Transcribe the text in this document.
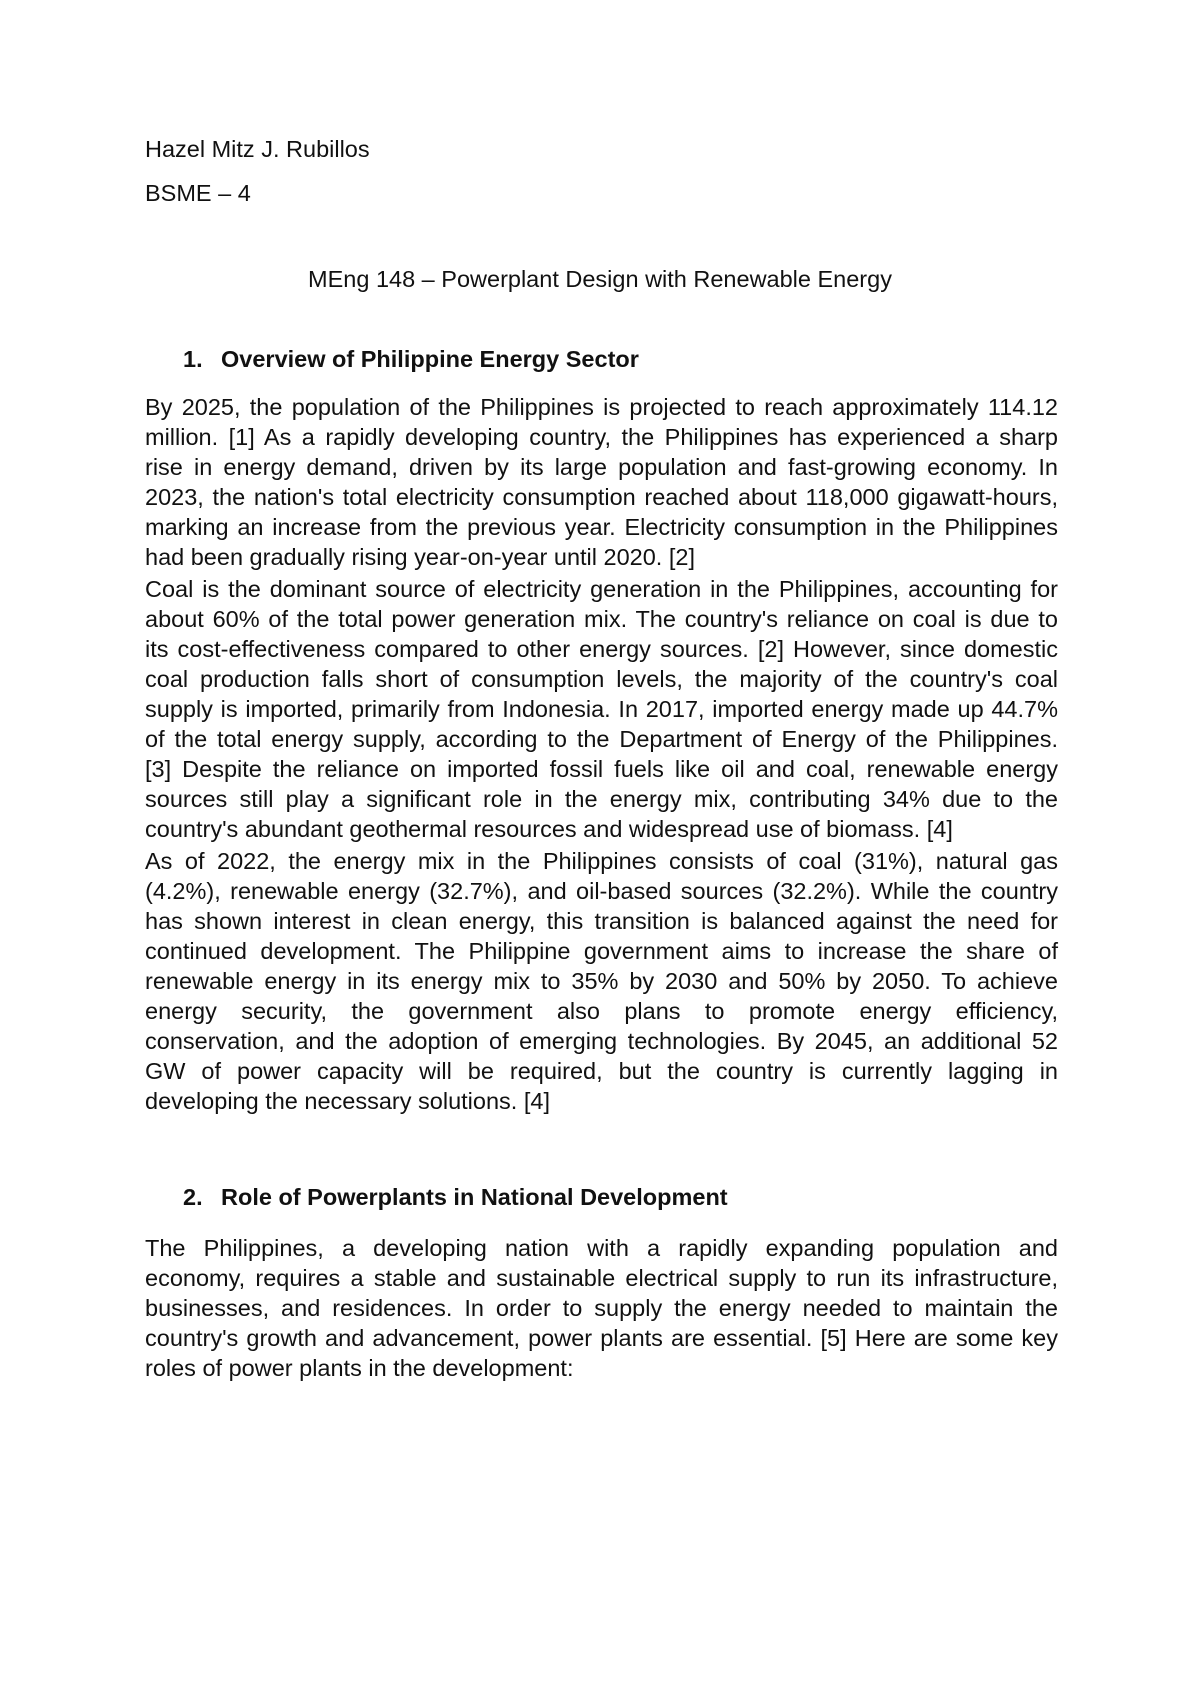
Hazel Mitz J. Rubillos

BSME – 4

MEng 148 – Powerplant Design with Renewable Energy

1. Overview of Philippine Energy Sector
By 2025, the population of the Philippines is projected to reach approximately 114.12
million. [1] As a rapidly developing country, the Philippines has experienced a sharp
rise in energy demand, driven by its large population and fast-growing economy. In
2023, the nation's total electricity consumption reached about 118,000 gigawatt-hours,
marking an increase from the previous year. Electricity consumption in the Philippines
had been gradually rising year-on-year until 2020. [2]
Coal is the dominant source of electricity generation in the Philippines, accounting for
about 60% of the total power generation mix. The country's reliance on coal is due to
its cost-effectiveness compared to other energy sources. [2] However, since domestic
coal production falls short of consumption levels, the majority of the country's coal
supply is imported, primarily from Indonesia. In 2017, imported energy made up 44.7%
of the total energy supply, according to the Department of Energy of the Philippines.
[3] Despite the reliance on imported fossil fuels like oil and coal, renewable energy
sources still play a significant role in the energy mix, contributing 34% due to the
country's abundant geothermal resources and widespread use of biomass. [4]
As of 2022, the energy mix in the Philippines consists of coal (31%), natural gas
(4.2%), renewable energy (32.7%), and oil-based sources (32.2%). While the country
has shown interest in clean energy, this transition is balanced against the need for
continued development. The Philippine government aims to increase the share of
renewable energy in its energy mix to 35% by 2030 and 50% by 2050. To achieve
energy security, the government also plans to promote energy efficiency,
conservation, and the adoption of emerging technologies. By 2045, an additional 52
GW of power capacity will be required, but the country is currently lagging in
developing the necessary solutions. [4]
2. Role of Powerplants in National Development
The Philippines, a developing nation with a rapidly expanding population and
economy, requires a stable and sustainable electrical supply to run its infrastructure,
businesses, and residences. In order to supply the energy needed to maintain the
country's growth and advancement, power plants are essential. [5] Here are some key
roles of power plants in the development:
